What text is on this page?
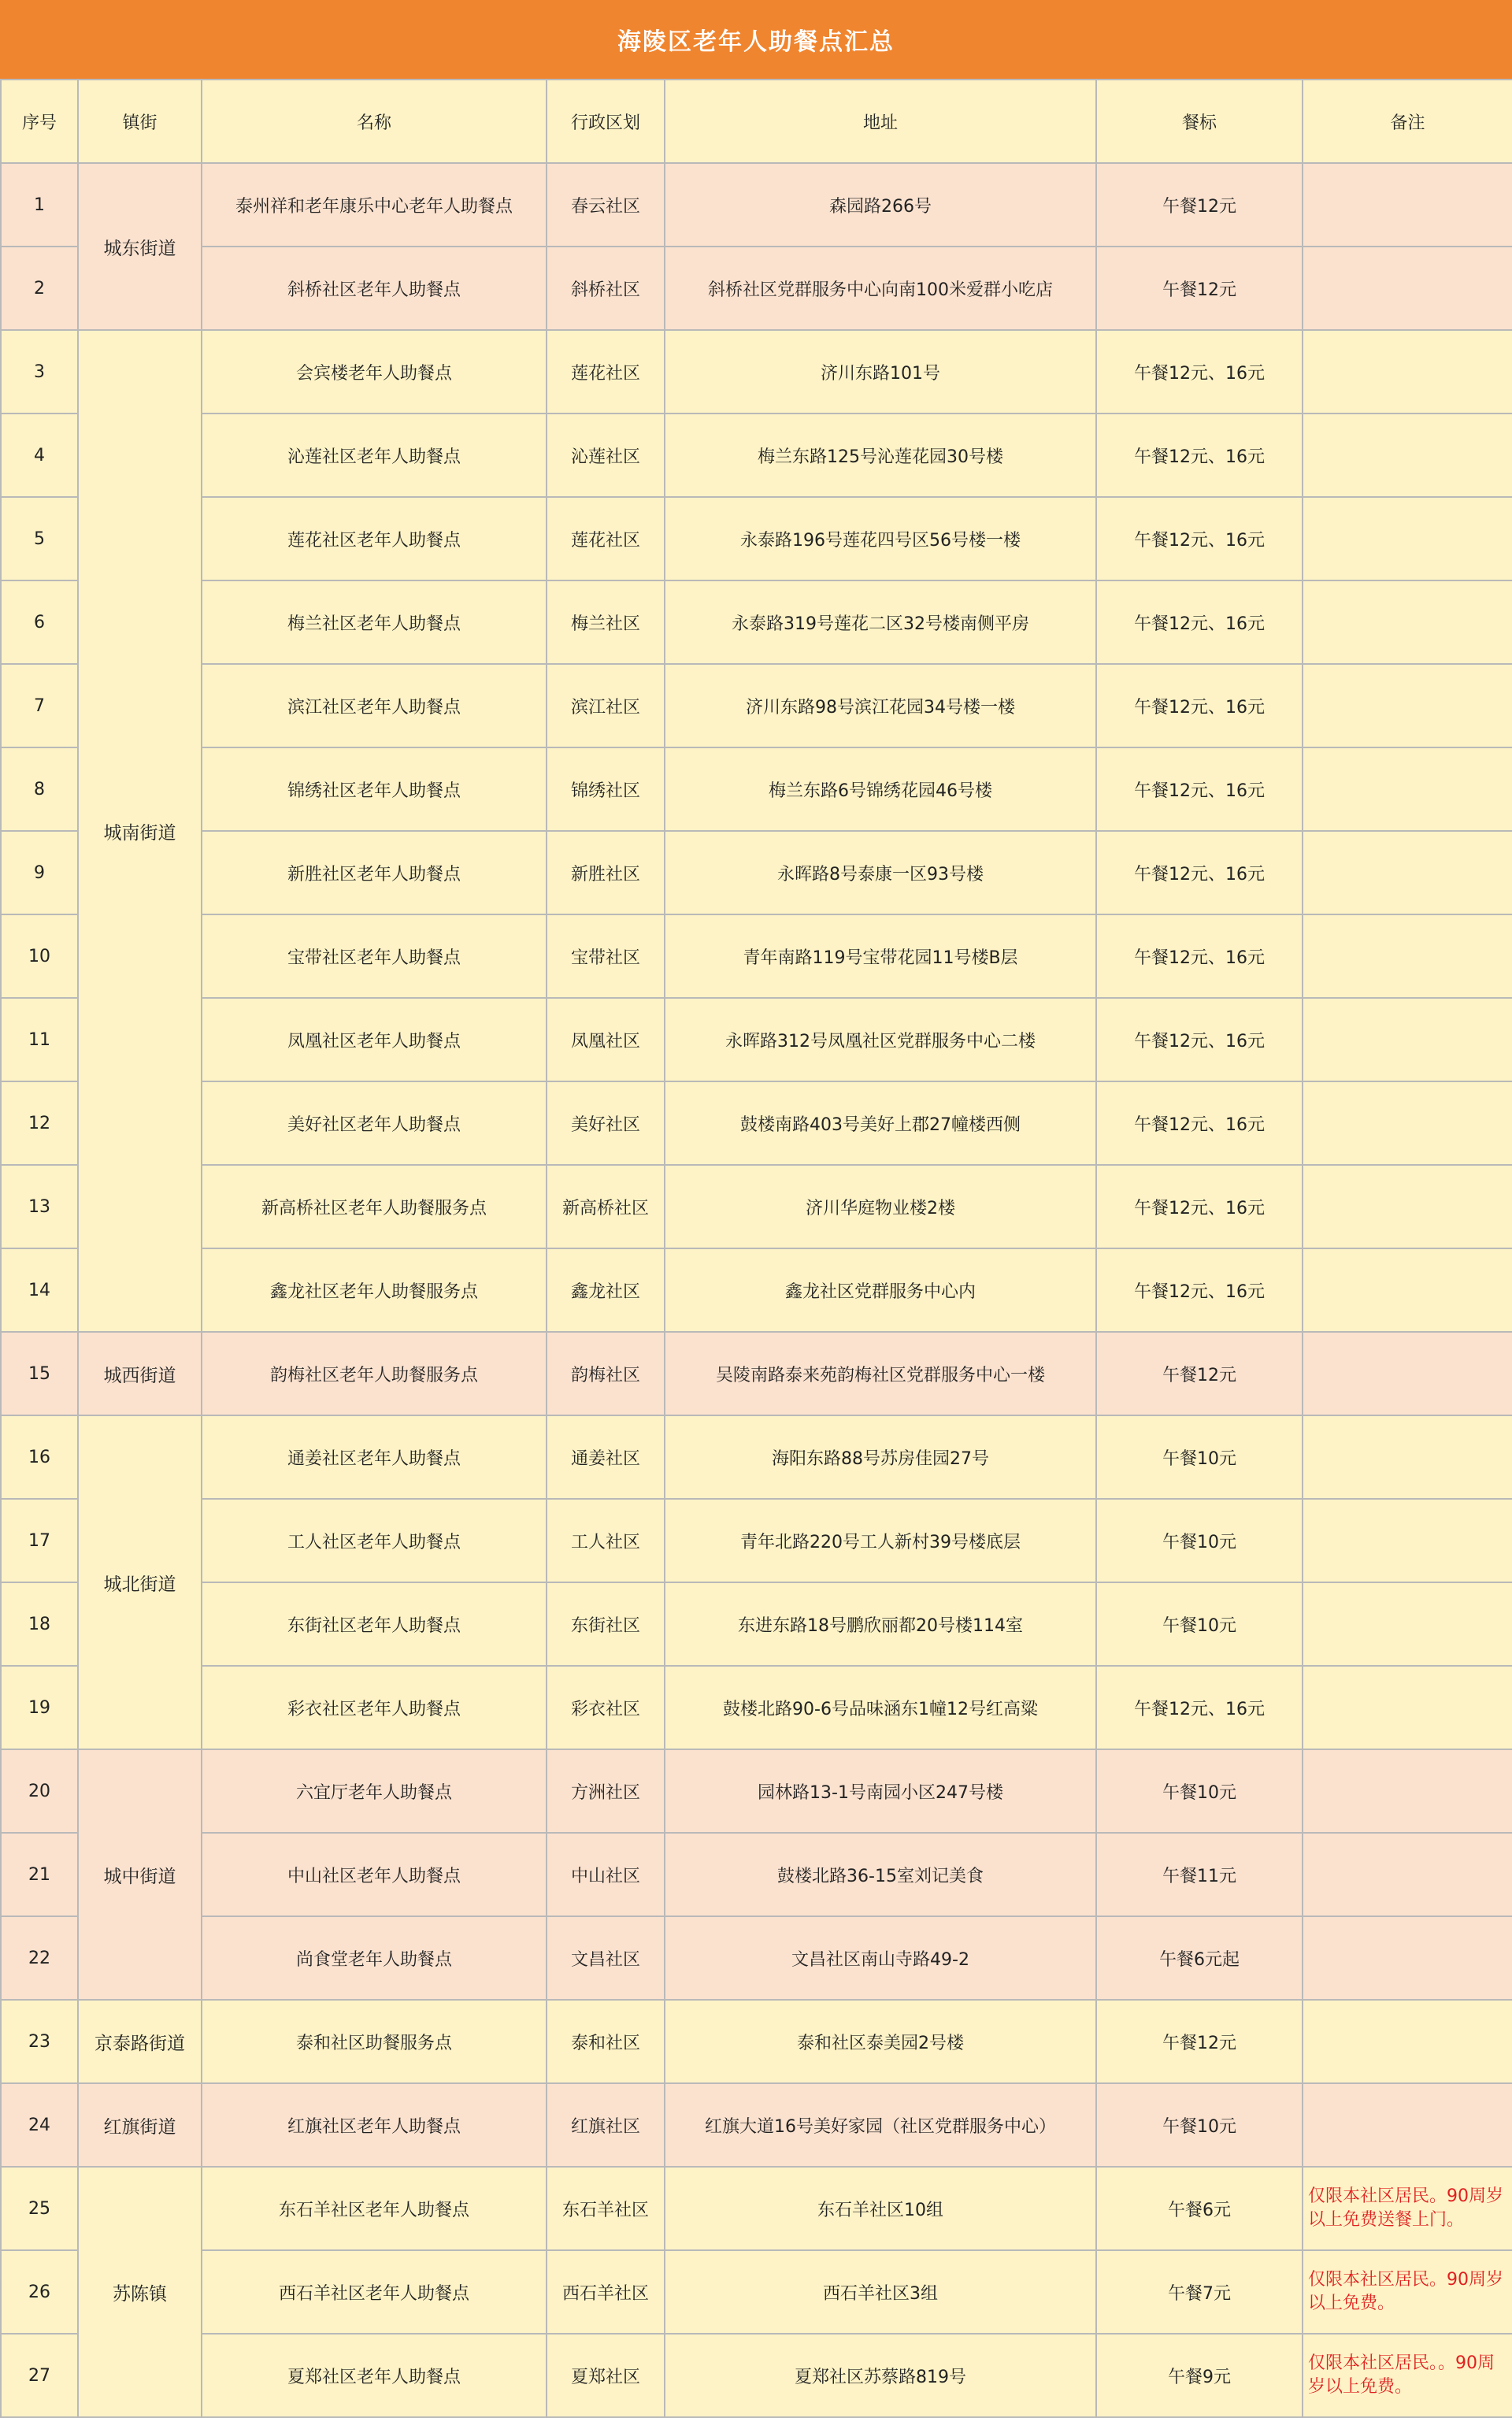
海陵区老年人助餐点汇总
序号	镇街	名称	行政区划	地址	餐标	备注
1	城东街道	泰州祥和老年康乐中心老年人助餐点	春云社区	森园路266号	午餐12元	
2		斜桥社区老年人助餐点	斜桥社区	斜桥社区党群服务中心向南100米爱群小吃店	午餐12元	
3	城南街道	会宾楼老年人助餐点	莲花社区	济川东路101号	午餐12元、16元	
4		沁莲社区老年人助餐点	沁莲社区	梅兰东路125号沁莲花园30号楼	午餐12元、16元	
5		莲花社区老年人助餐点	莲花社区	永泰路196号莲花四号区56号楼一楼	午餐12元、16元	
6		梅兰社区老年人助餐点	梅兰社区	永泰路319号莲花二区32号楼南侧平房	午餐12元、16元	
7		滨江社区老年人助餐点	滨江社区	济川东路98号滨江花园34号楼一楼	午餐12元、16元	
8		锦绣社区老年人助餐点	锦绣社区	梅兰东路6号锦绣花园46号楼	午餐12元、16元	
9		新胜社区老年人助餐点	新胜社区	永晖路8号泰康一区93号楼	午餐12元、16元	
10		宝带社区老年人助餐点	宝带社区	青年南路119号宝带花园11号楼B层	午餐12元、16元	
11		凤凰社区老年人助餐点	凤凰社区	永晖路312号凤凰社区党群服务中心二楼	午餐12元、16元	
12		美好社区老年人助餐点	美好社区	鼓楼南路403号美好上郡27幢楼西侧	午餐12元、16元	
13		新高桥社区老年人助餐服务点	新高桥社区	济川华庭物业楼2楼	午餐12元、16元	
14		鑫龙社区老年人助餐服务点	鑫龙社区	鑫龙社区党群服务中心内	午餐12元、16元	
15	城西街道	韵梅社区老年人助餐服务点	韵梅社区	吴陵南路泰来苑韵梅社区党群服务中心一楼	午餐12元	
16	城北街道	通姜社区老年人助餐点	通姜社区	海阳东路88号苏房佳园27号	午餐10元	
17		工人社区老年人助餐点	工人社区	青年北路220号工人新村39号楼底层	午餐10元	
18		东街社区老年人助餐点	东街社区	东进东路18号鹏欣丽都20号楼114室	午餐10元	
19		彩衣社区老年人助餐点	彩衣社区	鼓楼北路90-6号品味涵东1幢12号红高粱	午餐12元、16元	
20	城中街道	六宜厅老年人助餐点	方洲社区	园林路13-1号南园小区247号楼	午餐10元	
21		中山社区老年人助餐点	中山社区	鼓楼北路36-15室刘记美食	午餐11元	
22		尚食堂老年人助餐点	文昌社区	文昌社区南山寺路49-2	午餐6元起	
23	京泰路街道	泰和社区助餐服务点	泰和社区	泰和社区泰美园2号楼	午餐12元	
24	红旗街道	红旗社区老年人助餐点	红旗社区	红旗大道16号美好家园（社区党群服务中心）	午餐10元	
25	苏陈镇	东石羊社区老年人助餐点	东石羊社区	东石羊社区10组	午餐6元	仅限本社区居民。90周岁以上免费送餐上门。
26		西石羊社区老年人助餐点	西石羊社区	西石羊社区3组	午餐7元	仅限本社区居民。90周岁以上免费。
27		夏郑社区老年人助餐点	夏郑社区	夏郑社区苏蔡路819号	午餐9元	仅限本社区居民。。90周岁以上免费。
